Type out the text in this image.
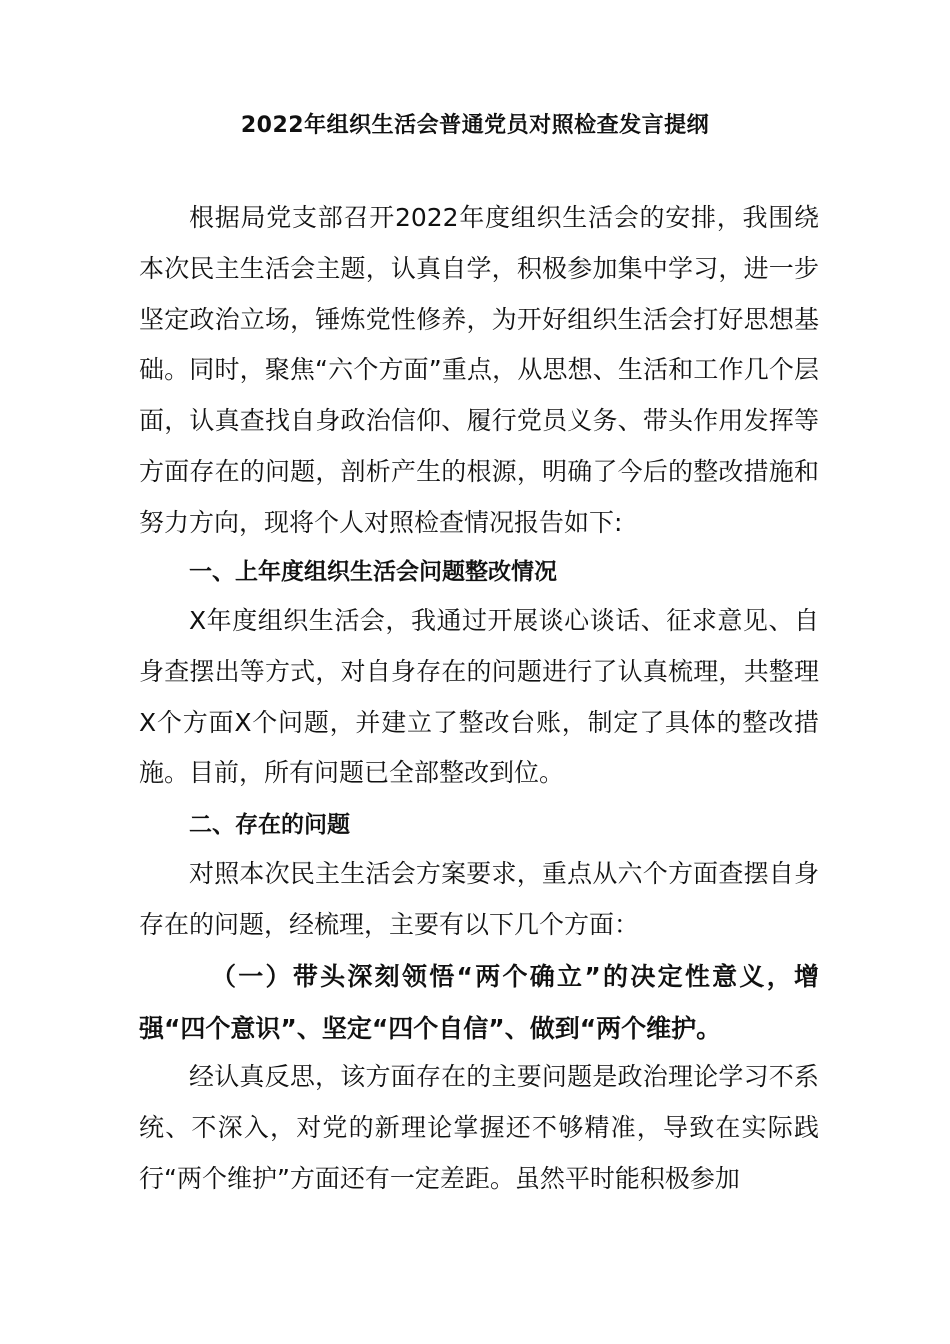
2022年组织生活会普通党员对照检查发言提纲
根据局党支部召开2022年度组织生活会的安排，我围绕本次民主生活会主题，认真自学，积极参加集中学习，进一步坚定政治立场，锤炼党性修养，为开好组织生活会打好思想基础。同时，聚焦“六个方面”重点，从思想、生活和工作几个层面，认真查找自身政治信仰、履行党员义务、带头作用发挥等方面存在的问题，剖析产生的根源，明确了今后的整改措施和努力方向，现将个人对照检查情况报告如下:
一、上年度组织生活会问题整改情况
X年度组织生活会，我通过开展谈心谈话、征求意见、自身查摆出等方式，对自身存在的问题进行了认真梳理，共整理X个方面X个问题，并建立了整改台账，制定了具体的整改措施。目前，所有问题已全部整改到位。
二、存在的问题
对照本次民主生活会方案要求，重点从六个方面查摆自身存在的问题，经梳理，主要有以下几个方面：
（一）带头深刻领悟“两个确立”的决定性意义，增强“四个意识”、坚定“四个自信”、做到“两个维护。
经认真反思，该方面存在的主要问题是政治理论学习不系统、不深入，对党的新理论掌握还不够精准，导致在实际践行“两个维护”方面还有一定差距。虽然平时能积极参加
